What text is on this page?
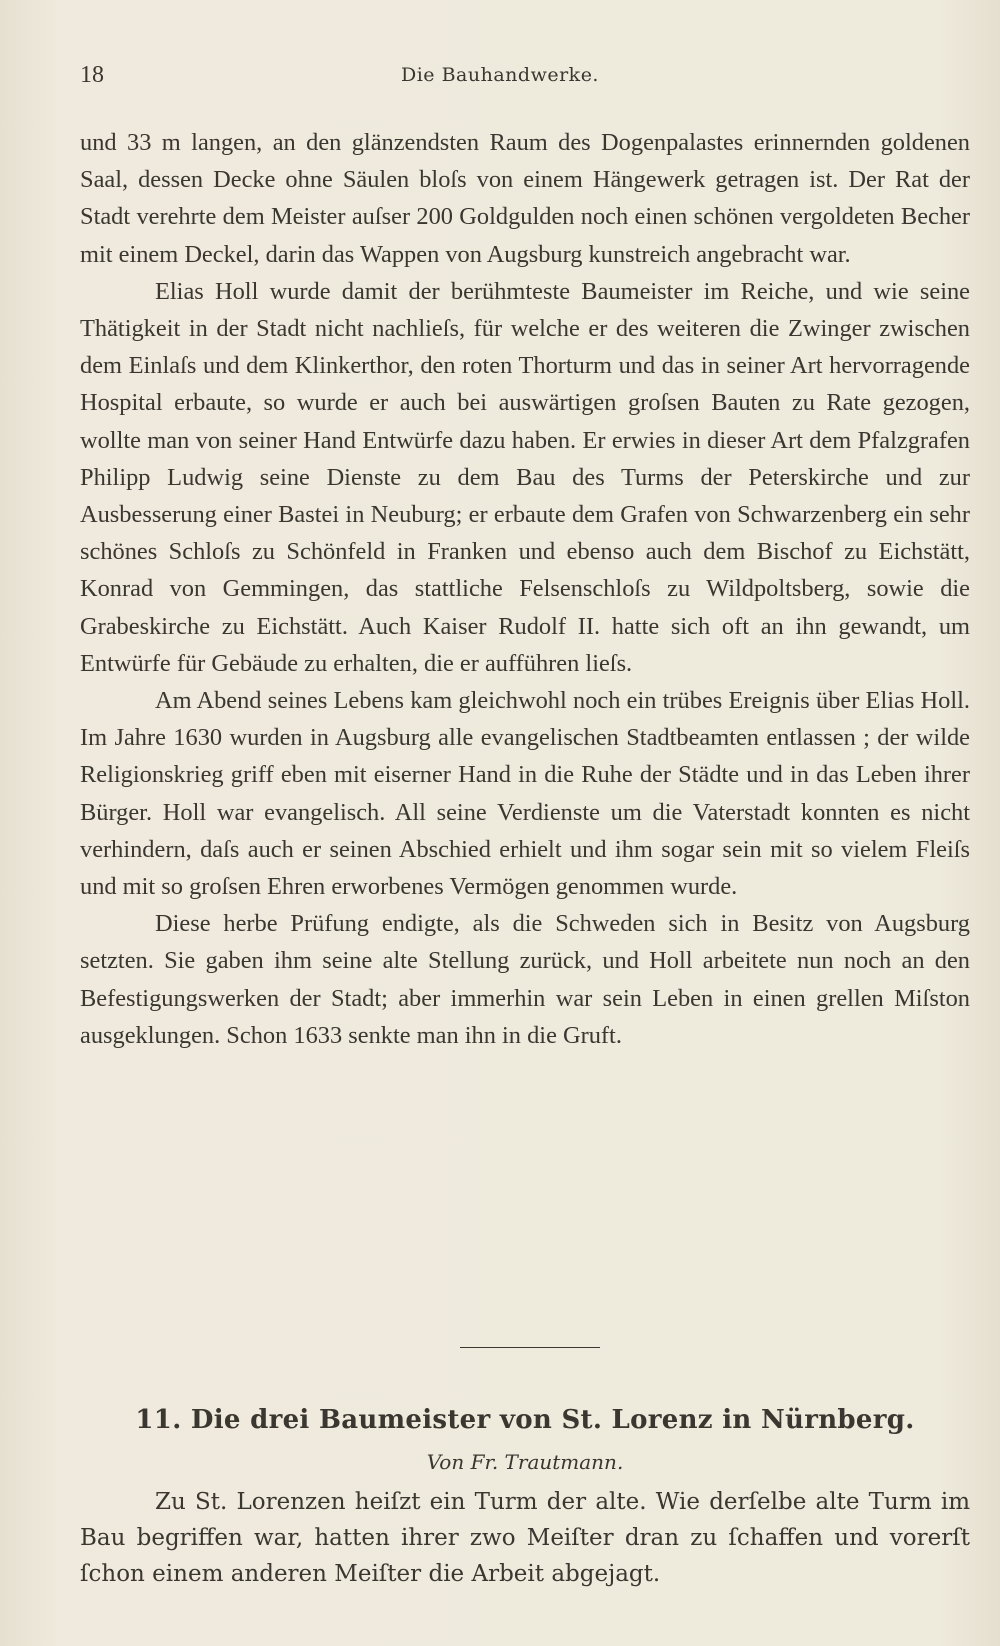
18	Die Bauhandwerke.

und 33 m langen, an den glänzendsten Raum des Dogenpalastes erinnernden goldenen Saal, dessen Decke ohne Säulen bloſs von einem Hängewerk getragen ist. Der Rat der Stadt verehrte dem Meister auſser 200 Goldgulden noch einen schönen vergoldeten Becher mit einem Deckel, darin das Wappen von Augsburg kunstreich angebracht war.

Elias Holl wurde damit der berühmteste Baumeister im Reiche, und wie seine Thätigkeit in der Stadt nicht nachlieſs, für welche er des weiteren die Zwinger zwischen dem Einlaſs und dem Klinkerthor, den roten Thorturm und das in seiner Art hervorragende Hospital erbaute, so wurde er auch bei auswärtigen groſsen Bauten zu Rate gezogen, wollte man von seiner Hand Entwürfe dazu haben. Er erwies in dieser Art dem Pfalzgrafen Philipp Ludwig seine Dienste zu dem Bau des Turms der Peterskirche und zur Ausbesserung einer Bastei in Neuburg; er erbaute dem Grafen von Schwarzenberg ein sehr schönes Schloſs zu Schönfeld in Franken und ebenso auch dem Bischof zu Eichstätt, Konrad von Gemmingen, das stattliche Felsenschloſs zu Wildpoltsberg, sowie die Grabeskirche zu Eichstätt. Auch Kaiser Rudolf II. hatte sich oft an ihn gewandt, um Entwürfe für Gebäude zu erhalten, die er aufführen lieſs.

Am Abend seines Lebens kam gleichwohl noch ein trübes Ereignis über Elias Holl. Im Jahre 1630 wurden in Augsburg alle evangelischen Stadtbeamten entlassen ; der wilde Religionskrieg griff eben mit eiserner Hand in die Ruhe der Städte und in das Leben ihrer Bürger. Holl war evangelisch. All seine Verdienste um die Vaterstadt konnten es nicht verhindern, daſs auch er seinen Abschied erhielt und ihm sogar sein mit so vielem Fleiſs und mit so groſsen Ehren erworbenes Vermögen genommen wurde.

Diese herbe Prüfung endigte, als die Schweden sich in Besitz von Augsburg setzten. Sie gaben ihm seine alte Stellung zurück, und Holl arbeitete nun noch an den Befestigungswerken der Stadt; aber immerhin war sein Leben in einen grellen Miſston ausgeklungen. Schon 1633 senkte man ihn in die Gruft.

11. Die drei Baumeister von St. Lorenz in Nürnberg.
Von Fr. Trautmann.

Zu St. Lorenzen heiſzt ein Turm der alte. Wie derſelbe alte Turm im Bau begriffen war, hatten ihrer zwo Meiſter dran zu ſchaffen und vorerſt ſchon einem anderen Meiſter die Arbeit abgejagt.
